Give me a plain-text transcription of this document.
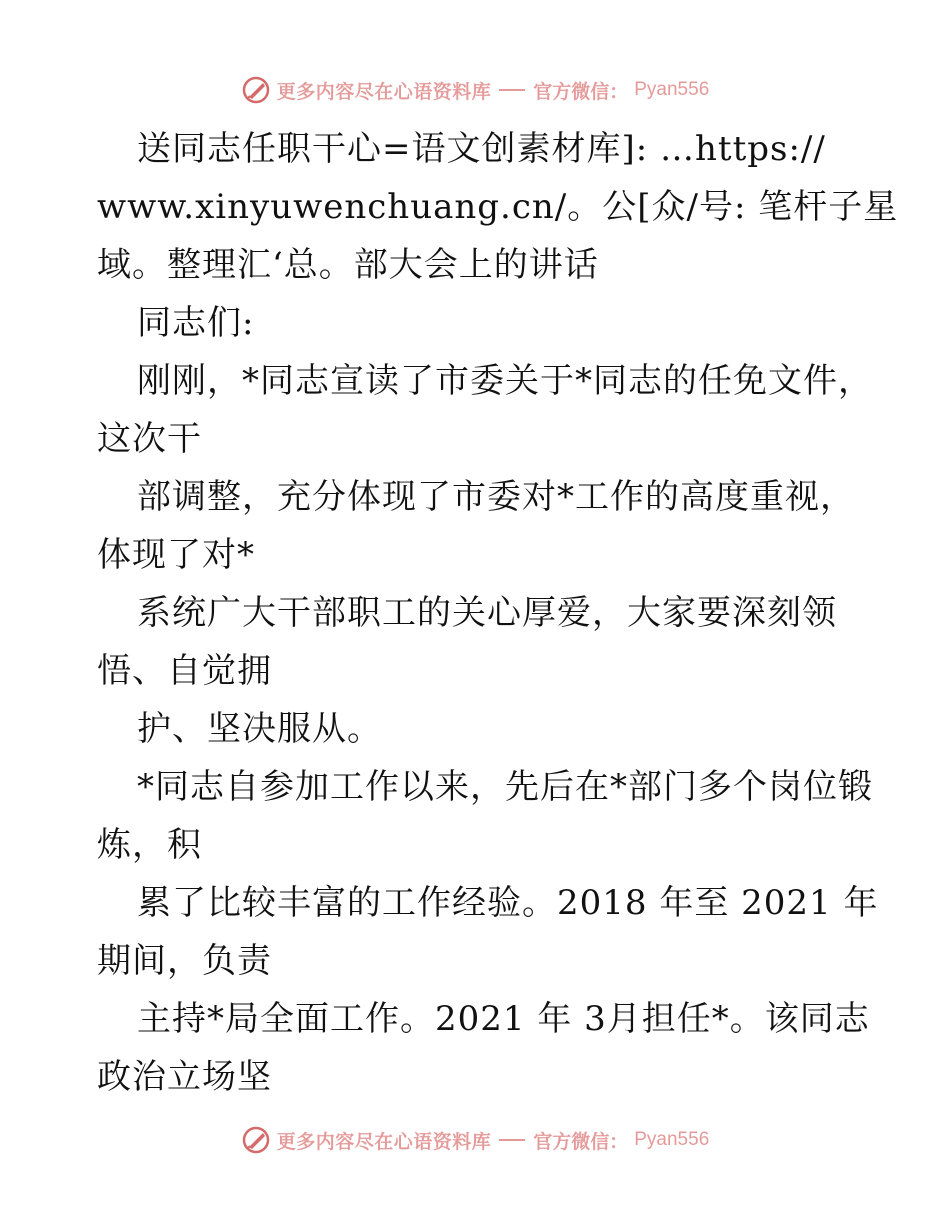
更多内容尽在心语资料库 官方微信： Pyan556
送同志任职干心=语文创素材库]: …https://
www.xinyuwenchuang.cn/。公[众/号: 笔杆子星
域。整理汇ʻ总。部大会上的讲话
同志们:
刚刚，*同志宣读了市委关于*同志的任免文件，
这次干
部调整，充分体现了市委对*工作的高度重视，
体现了对*
系统广大干部职工的关心厚爱，大家要深刻领
悟、自觉拥
护、坚决服从。
*同志自参加工作以来，先后在*部门多个岗位锻
炼，积
累了比较丰富的工作经验。2018 年至 2021 年
期间，负责
主持*局全面工作。2021 年 3月担任*。该同志
政治立场坚
更多内容尽在心语资料库 官方微信： Pyan556
